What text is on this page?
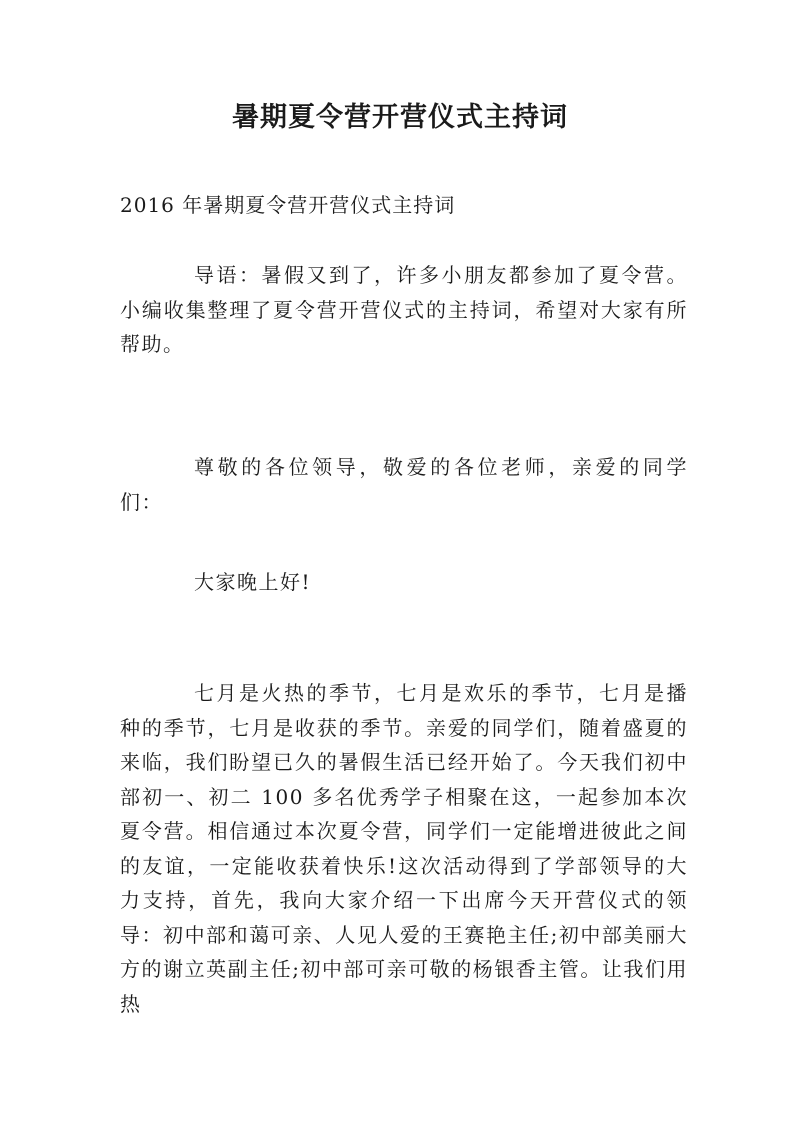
暑期夏令营开营仪式主持词

2016 年暑期夏令营开营仪式主持词

导语：暑假又到了，许多小朋友都参加了夏令营。小编收集整理了夏令营开营仪式的主持词，希望对大家有所帮助。

尊敬的各位领导，敬爱的各位老师，亲爱的同学们：

大家晚上好!

七月是火热的季节，七月是欢乐的季节，七月是播种的季节，七月是收获的季节。亲爱的同学们，随着盛夏的来临，我们盼望已久的暑假生活已经开始了。今天我们初中部初一、初二 100 多名优秀学子相聚在这，一起参加本次夏令营。相信通过本次夏令营，同学们一定能增进彼此之间的友谊，一定能收获着快乐!这次活动得到了学部领导的大力支持，首先，我向大家介绍一下出席今天开营仪式的领导：初中部和蔼可亲、人见人爱的王赛艳主任;初中部美丽大方的谢立英副主任;初中部可亲可敬的杨银香主管。让我们用热
